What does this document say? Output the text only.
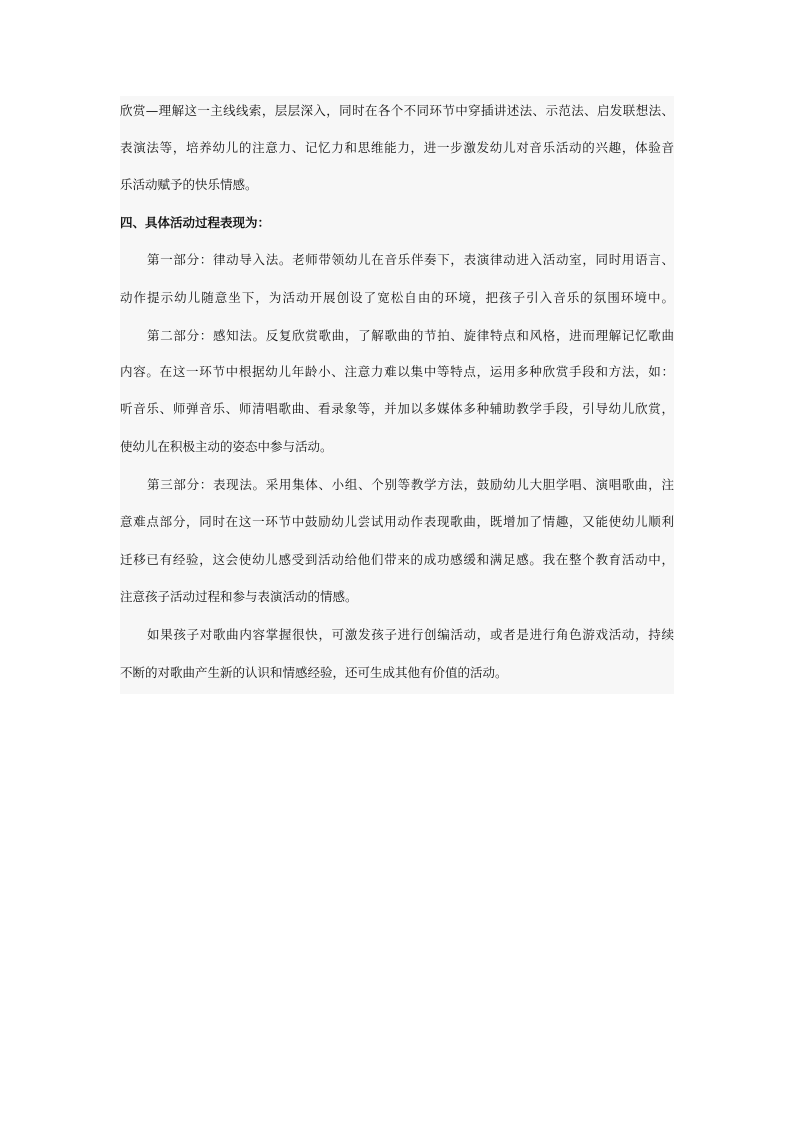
欣赏—理解这一主线线索，层层深入，同时在各个不同环节中穿插讲述法、示范法、启发联想法、
表演法等，培养幼儿的注意力、记忆力和思维能力，进一步激发幼儿对音乐活动的兴趣，体验音
乐活动赋予的快乐情感。
四、具体活动过程表现为：
第一部分：律动导入法。老师带领幼儿在音乐伴奏下，表演律动进入活动室，同时用语言、
动作提示幼儿随意坐下，为活动开展创设了宽松自由的环境，把孩子引入音乐的氛围环境中。
第二部分：感知法。反复欣赏歌曲，了解歌曲的节拍、旋律特点和风格，进而理解记忆歌曲
内容。在这一环节中根据幼儿年龄小、注意力难以集中等特点，运用多种欣赏手段和方法，如：
听音乐、师弹音乐、师清唱歌曲、看录象等，并加以多媒体多种辅助教学手段，引导幼儿欣赏，
使幼儿在积极主动的姿态中参与活动。
第三部分：表现法。采用集体、小组、个别等教学方法，鼓励幼儿大胆学唱、演唱歌曲，注
意难点部分，同时在这一环节中鼓励幼儿尝试用动作表现歌曲，既增加了情趣，又能使幼儿顺利
迁移已有经验，这会使幼儿感受到活动给他们带来的成功感缓和满足感。我在整个教育活动中，
注意孩子活动过程和参与表演活动的情感。
如果孩子对歌曲内容掌握很快，可激发孩子进行创编活动，或者是进行角色游戏活动，持续
不断的对歌曲产生新的认识和情感经验，还可生成其他有价值的活动。
